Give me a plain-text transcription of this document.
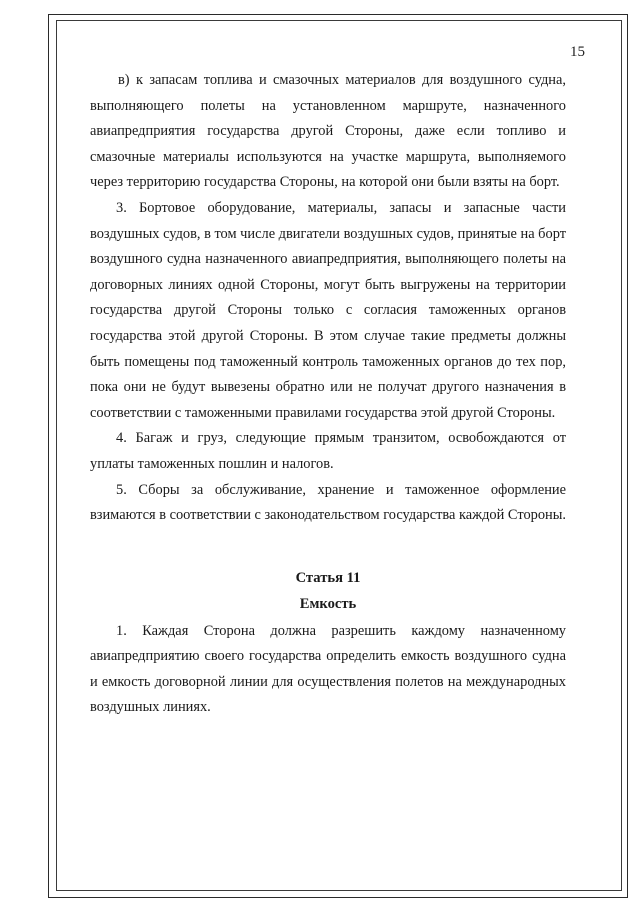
15

в) к запасам топлива и смазочных материалов для воздушного судна, выполняющего полеты на установленном маршруте, назначенного авиапредприятия государства другой Стороны, даже если топливо и смазочные материалы используются на участке маршрута, выполняемого через территорию государства Стороны, на которой они были взяты на борт.

3. Бортовое оборудование, материалы, запасы и запасные части воздушных судов, в том числе двигатели воздушных судов, принятые на борт воздушного судна назначенного авиапредприятия, выполняющего полеты на договорных линиях одной Стороны, могут быть выгружены на территории государства другой Стороны только с согласия таможенных органов государства этой другой Стороны. В этом случае такие предметы должны быть помещены под таможенный контроль таможенных органов до тех пор, пока они не будут вывезены обратно или не получат другого назначения в соответствии с таможенными правилами государства этой другой Стороны.

4. Багаж и груз, следующие прямым транзитом, освобождаются от уплаты таможенных пошлин и налогов.

5. Сборы за обслуживание, хранение и таможенное оформление взимаются в соответствии с законодательством государства каждой Стороны.

Статья 11

Емкость

1. Каждая Сторона должна разрешить каждому назначенному авиапредприятию своего государства определить емкость воздушного судна и емкость договорной линии для осуществления полетов на международных воздушных линиях.
